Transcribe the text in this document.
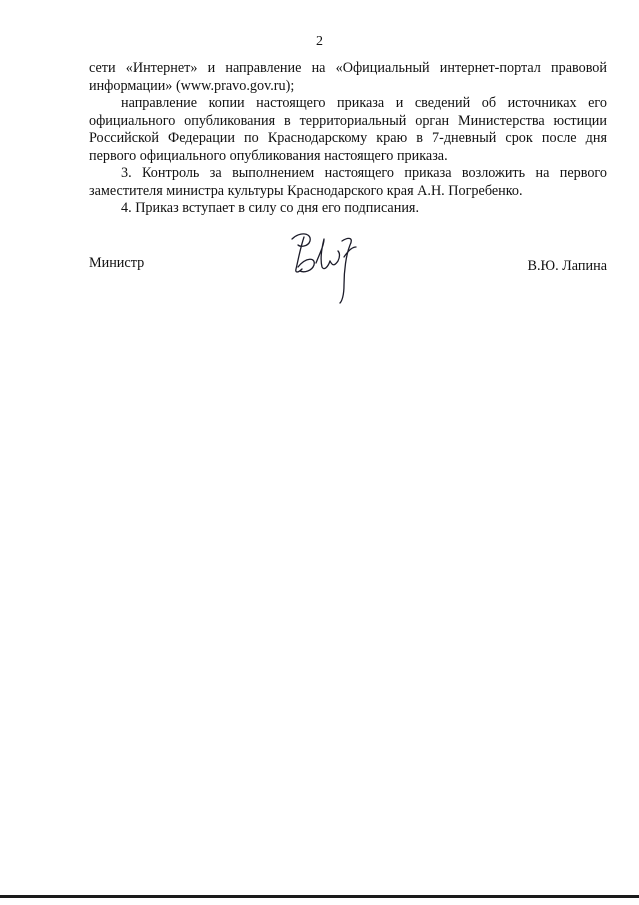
2

сети «Интернет» и направление на «Официальный интернет-портал правовой информации» (www.pravo.gov.ru);

направление копии настоящего приказа и сведений об источниках его официального опубликования в территориальный орган Министерства юстиции Российской Федерации по Краснодарскому краю в 7-дневный срок после дня первого официального опубликования настоящего приказа.

3. Контроль за выполнением настоящего приказа возложить на первого заместителя министра культуры Краснодарского края А.Н. Погребенко.

4. Приказ вступает в силу со дня его подписания.

Министр	В.Ю. Лапина
